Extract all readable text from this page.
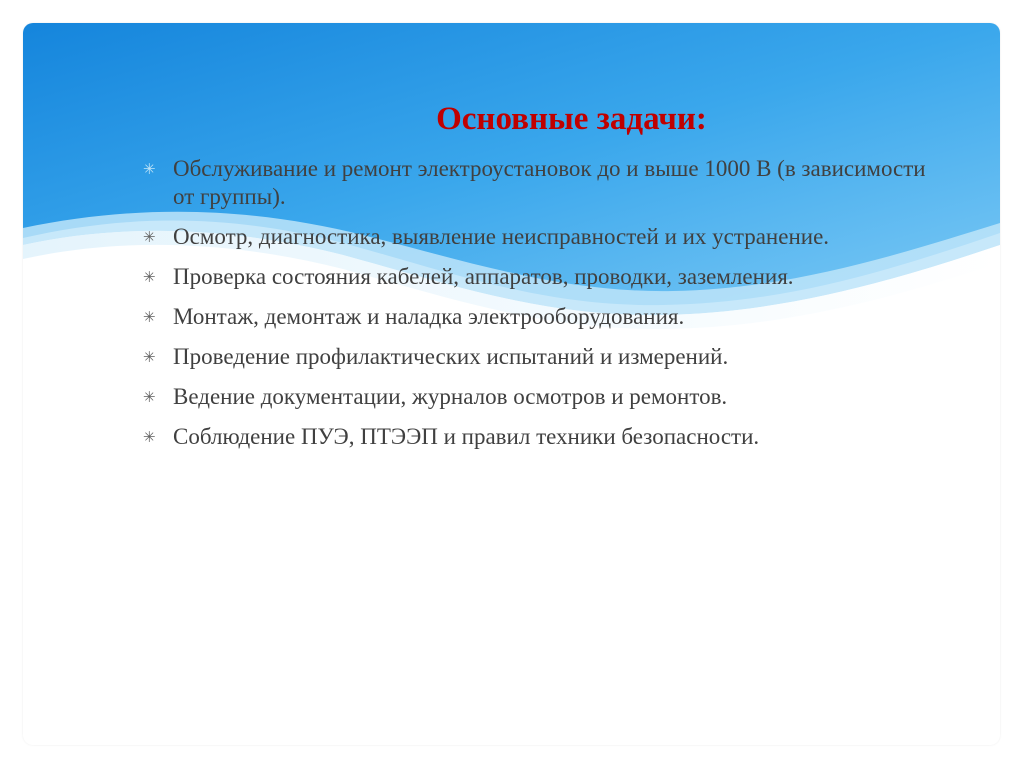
Основные задачи:
✳ Обслуживание и ремонт электроустановок до и выше 1000 В (в зависимости от группы).
✳ Осмотр, диагностика, выявление неисправностей и их устранение.
✳ Проверка состояния кабелей, аппаратов, проводки, заземления.
✳ Монтаж, демонтаж и наладка электрооборудования.
✳ Проведение профилактических испытаний и измерений.
✳ Ведение документации, журналов осмотров и ремонтов.
✳ Соблюдение ПУЭ, ПТЭЭП и правил техники безопасности.
